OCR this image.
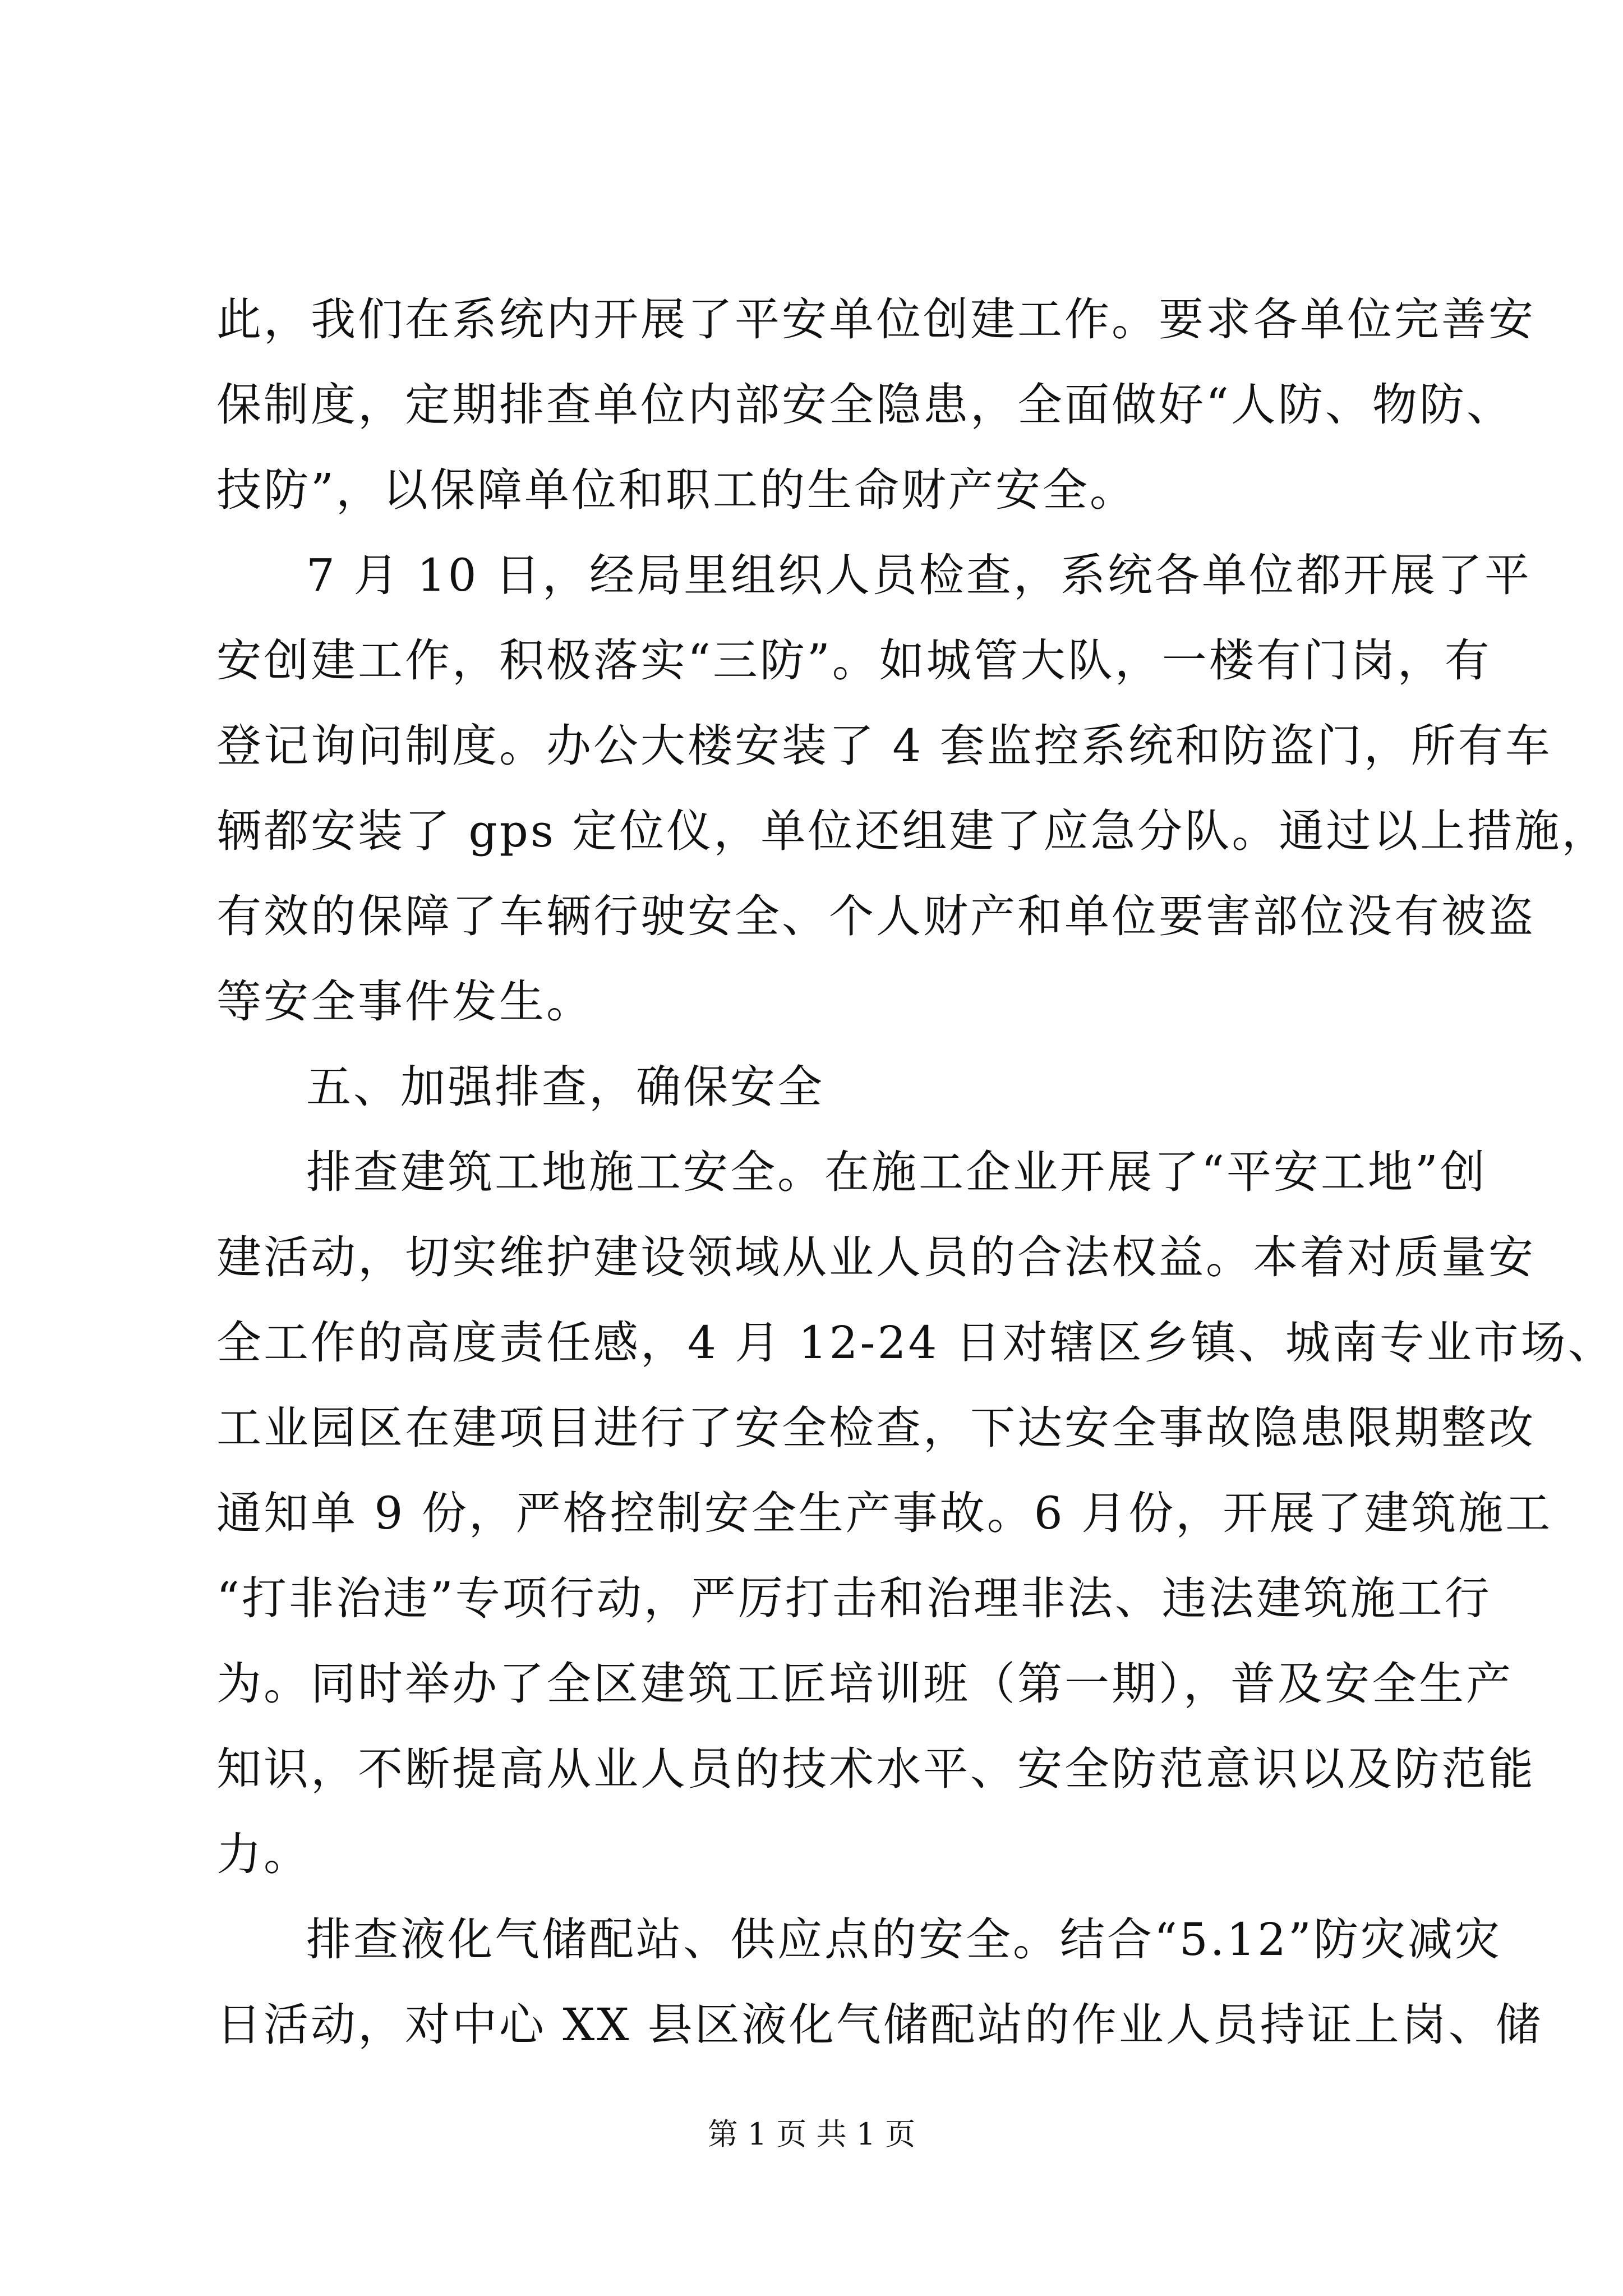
此，我们在系统内开展了平安单位创建工作。要求各单位完善安
保制度，定期排查单位内部安全隐患，全面做好“人防、物防、
技防”，以保障单位和职工的生命财产安全。
7 月 10 日，经局里组织人员检查，系统各单位都开展了平
安创建工作，积极落实“三防”。如城管大队，一楼有门岗，有
登记询问制度。办公大楼安装了 4 套监控系统和防盗门，所有车
辆都安装了 gps 定位仪，单位还组建了应急分队。通过以上措施，
有效的保障了车辆行驶安全、个人财产和单位要害部位没有被盗
等安全事件发生。
五、加强排查，确保安全
排查建筑工地施工安全。在施工企业开展了“平安工地”创
建活动，切实维护建设领域从业人员的合法权益。本着对质量安
全工作的高度责任感，4 月 12-24 日对辖区乡镇、城南专业市场、
工业园区在建项目进行了安全检查，下达安全事故隐患限期整改
通知单 9 份，严格控制安全生产事故。6 月份，开展了建筑施工
“打非治违”专项行动，严厉打击和治理非法、违法建筑施工行
为。同时举办了全区建筑工匠培训班（第一期），普及安全生产
知识，不断提高从业人员的技术水平、安全防范意识以及防范能
力。
排查液化气储配站、供应点的安全。结合“5.12”防灾减灾
日活动，对中心 XX 县区液化气储配站的作业人员持证上岗、储
第 1 页 共 1 页
